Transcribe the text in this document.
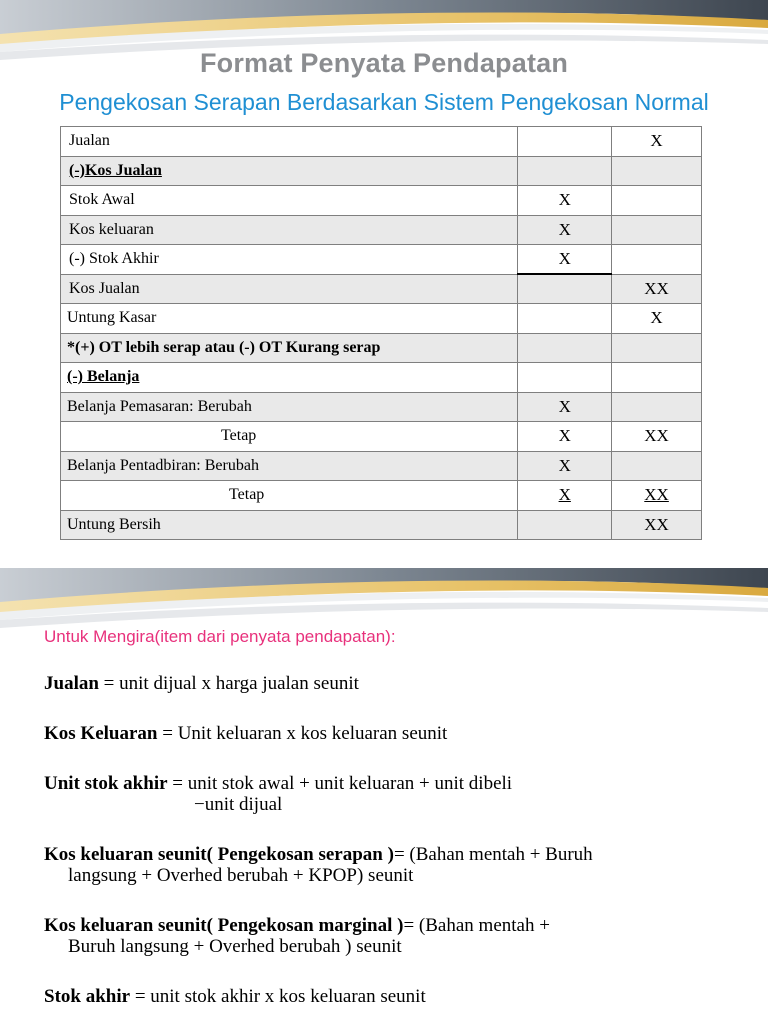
Format Penyata Pendapatan
Pengekosan Serapan Berdasarkan Sistem Pengekosan Normal
Jualan		X
(-)Kos Jualan		
Stok Awal	X	
Kos keluaran	X	
(-) Stok Akhir	X	
Kos Jualan		XX
Untung Kasar		X
*(+) OT lebih serap atau (-) OT Kurang serap		
(-) Belanja		
Belanja Pemasaran: Berubah	X	
Tetap	X	XX
Belanja Pentadbiran: Berubah	X	
Tetap	X	XX
Untung Bersih		XX
Untuk Mengira(item dari penyata pendapatan):
Jualan = unit dijual x harga jualan seunit
Kos Keluaran = Unit keluaran x kos keluaran seunit
Unit stok akhir = unit stok awal + unit keluaran + unit dibeli
−unit dijual
Kos keluaran seunit( Pengekosan serapan )= (Bahan mentah + Buruh
langsung + Overhed berubah + KPOP) seunit
Kos keluaran seunit( Pengekosan marginal )= (Bahan mentah +
Buruh langsung + Overhed berubah ) seunit
Stok akhir = unit stok akhir x kos keluaran seunit
